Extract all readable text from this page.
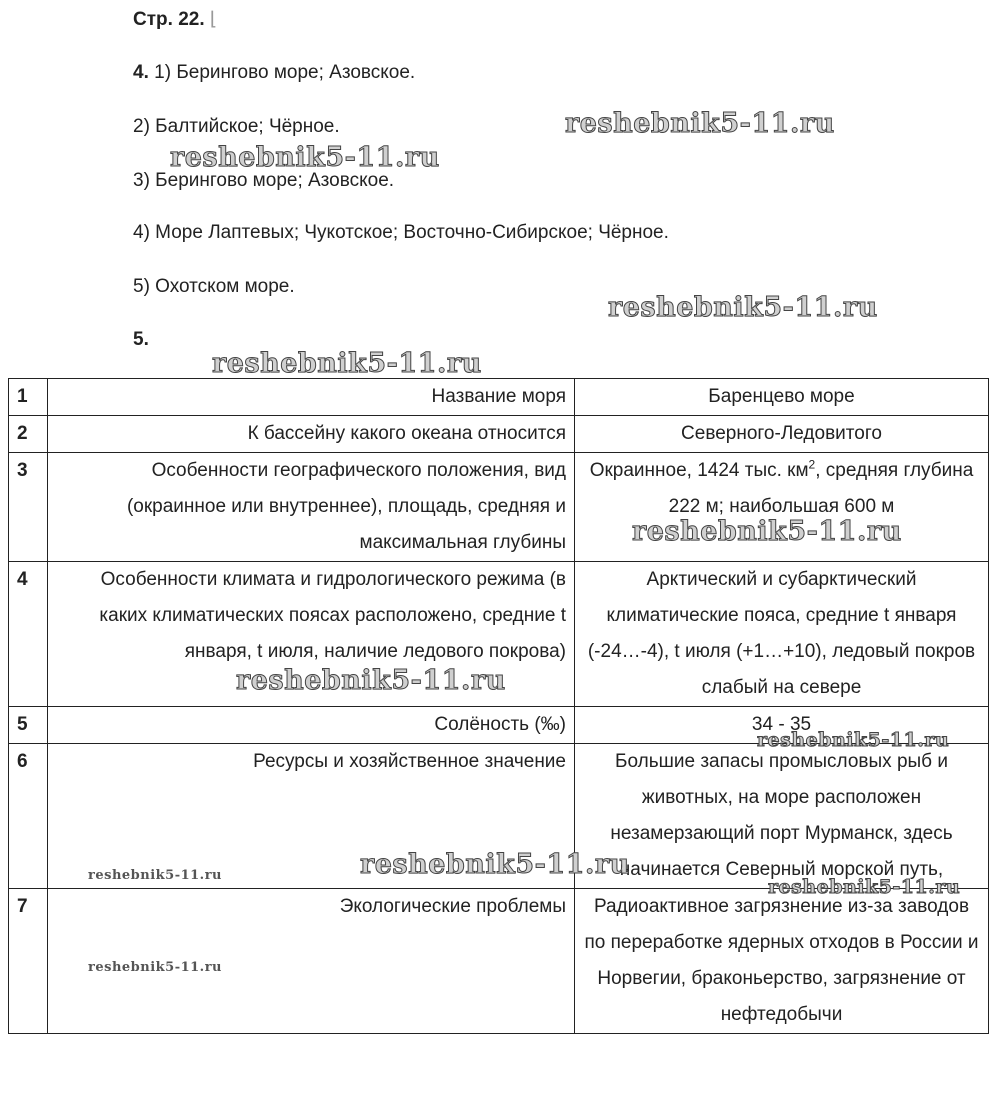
Стр. 22. ⌊
4. 1) Берингово море; Азовское.
2) Балтийское; Чёрное.
3) Берингово море; Азовское.
4) Море Лаптевых; Чукотское; Восточно-Сибирское; Чёрное.
5) Охотском море.
5.
1	Название моря	Баренцево море
2	К бассейну какого океана относится	Северного-Ледовитого
3	Особенности географического положения, вид (окраинное или внутреннее), площадь, средняя и максимальная глубины	Окраинное, 1424 тыс. $км^2$, средняя глубина 222 м; наибольшая 600 м
4	Особенности климата и гидрологического режима (в каких климатических поясах расположено, средние t января, t июля, наличие ледового покрова)	Арктический и субарктический климатические пояса, средние t января (-24…-4), t июля (+1…+10), ледовый покров слабый на севере
5	Солёность (‰)	34 - 35
6	Ресурсы и хозяйственное значение	Большие запасы промысловых рыб и животных, на море расположен незамерзающий порт Мурманск, здесь начинается Северный морской путь,
7	Экологические проблемы	Радиоактивное загрязнение из-за заводов по переработке ядерных отходов в России и Норвегии, браконьерство, загрязнение от нефтедобычи
reshebnik5-11.ru
reshebnik5-11.ru
reshebnik5-11.ru
reshebnik5-11.ru
reshebnik5-11.ru
reshebnik5-11.ru
reshebnik5-11.ru
reshebnik5-11.ru
reshebnik5-11.ru
reshebnik5-11.ru
reshebnik5-11.ru
